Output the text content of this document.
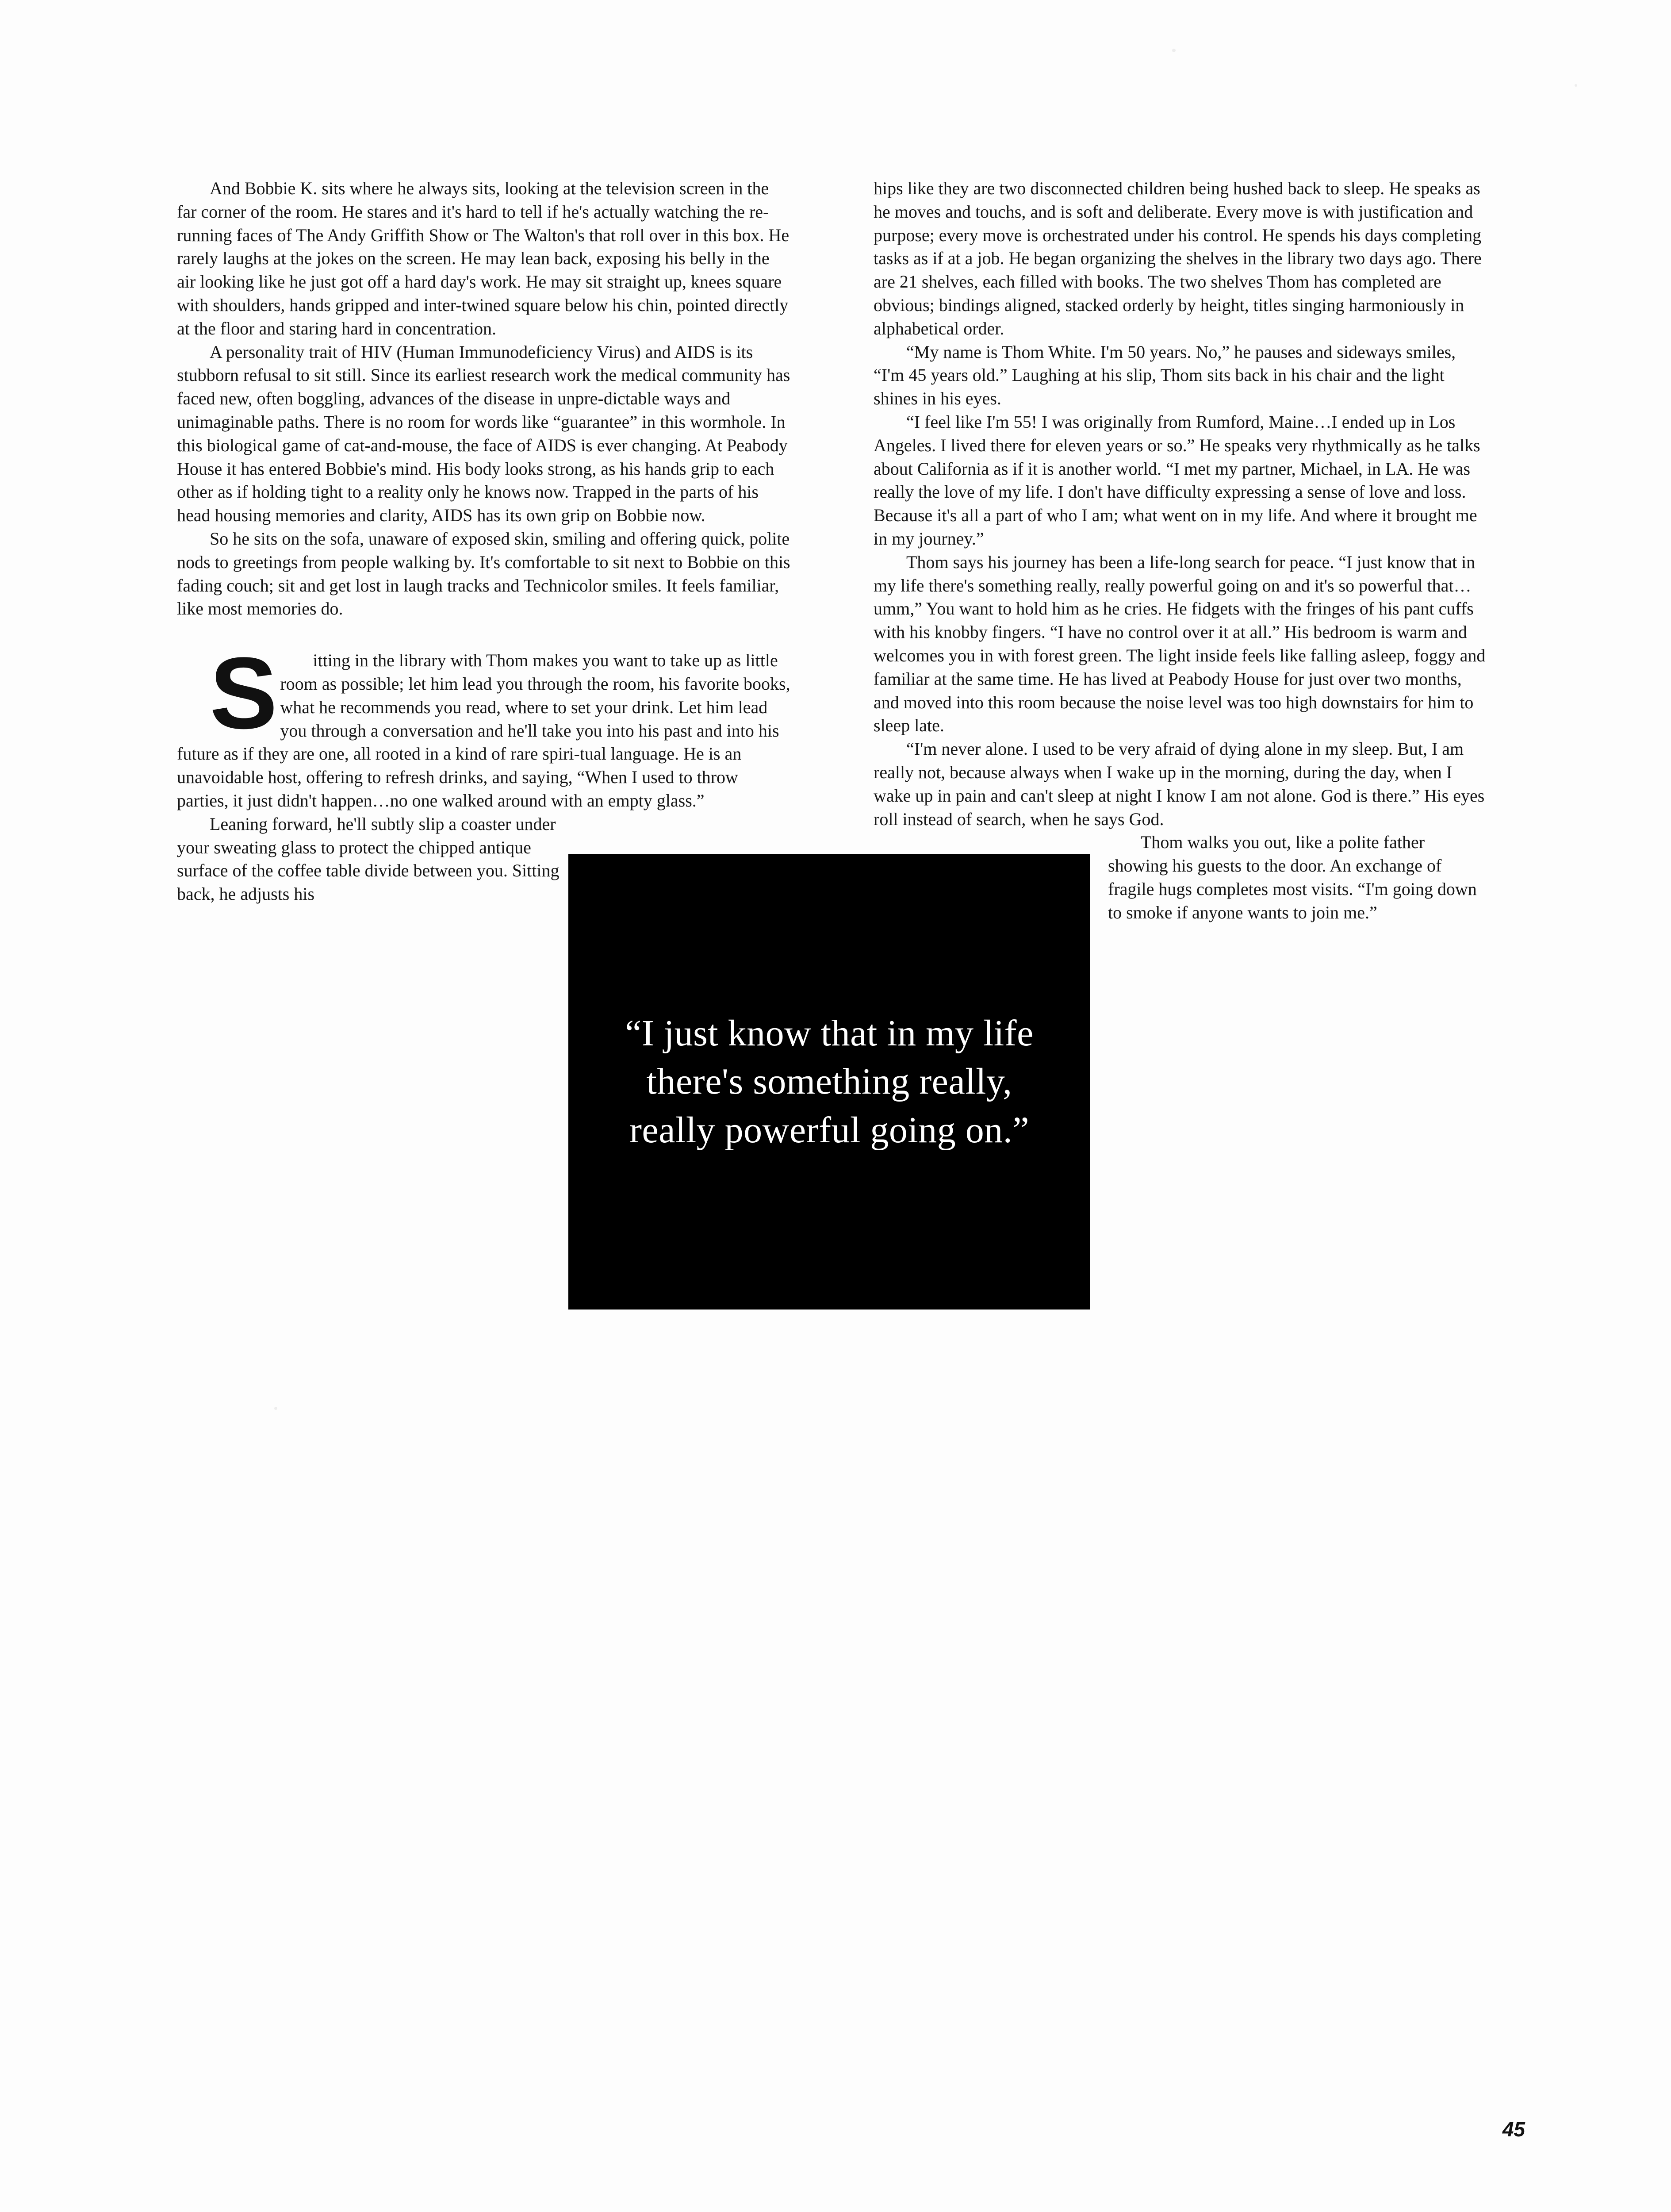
And Bobbie K. sits where he always sits, looking at the television screen in the far corner of the room. He stares and it's hard to tell if he's actually watching the re-running faces of The Andy Griffith Show or The Walton's that roll over in this box. He rarely laughs at the jokes on the screen. He may lean back, exposing his belly in the air looking like he just got off a hard day's work. He may sit straight up, knees square with shoulders, hands gripped and inter-twined square below his chin, pointed directly at the floor and staring hard in concentration.

A personality trait of HIV (Human Immunodeficiency Virus) and AIDS is its stubborn refusal to sit still. Since its earliest research work the medical community has faced new, often boggling, advances of the disease in unpre-dictable ways and unimaginable paths. There is no room for words like “guarantee” in this wormhole. In this biological game of cat-and-mouse, the face of AIDS is ever changing. At Peabody House it has entered Bobbie's mind. His body looks strong, as his hands grip to each other as if holding tight to a reality only he knows now. Trapped in the parts of his head housing memories and clarity, AIDS has its own grip on Bobbie now.

So he sits on the sofa, unaware of exposed skin, smiling and offering quick, polite nods to greetings from people walking by. It's comfortable to sit next to Bobbie on this fading couch; sit and get lost in laugh tracks and Technicolor smiles. It feels familiar, like most memories do.

S itting in the library with Thom makes you want to take up as little room as possible; let him lead you through the room, his favorite books, what he recommends you read, where to set your drink. Let him lead you through a conversation and he'll take you into his past and into his future as if they are one, all rooted in a kind of rare spiri-tual language. He is an unavoidable host, offering to refresh drinks, and saying, “When I used to throw parties, it just didn't happen…no one walked around with an empty glass.”

Leaning forward, he'll subtly slip a coaster under your sweating glass to protect the chipped antique surface of the coffee table divide between you. Sitting back, he adjusts his

hips like they are two disconnected children being hushed back to sleep. He speaks as he moves and touchs, and is soft and deliberate. Every move is with justification and purpose; every move is orchestrated under his control. He spends his days completing tasks as if at a job. He began organizing the shelves in the library two days ago. There are 21 shelves, each filled with books. The two shelves Thom has completed are obvious; bindings aligned, stacked orderly by height, titles singing harmoniously in alphabetical order.

“My name is Thom White. I'm 50 years. No,” he pauses and sideways smiles, “I'm 45 years old.” Laughing at his slip, Thom sits back in his chair and the light shines in his eyes.

“I feel like I'm 55! I was originally from Rumford, Maine…I ended up in Los Angeles. I lived there for eleven years or so.” He speaks very rhythmically as he talks about California as if it is another world. “I met my partner, Michael, in LA. He was really the love of my life. I don't have difficulty expressing a sense of love and loss. Because it's all a part of who I am; what went on in my life. And where it brought me in my journey.”

Thom says his journey has been a life-long search for peace. “I just know that in my life there's something really, really powerful going on and it's so powerful that…umm,” You want to hold him as he cries. He fidgets with the fringes of his pant cuffs with his knobby fingers. “I have no control over it at all.” His bedroom is warm and welcomes you in with forest green. The light inside feels like falling asleep, foggy and familiar at the same time. He has lived at Peabody House for just over two months, and moved into this room because the noise level was too high downstairs for him to sleep late.

“I'm never alone. I used to be very afraid of dying alone in my sleep. But, I am really not, because always when I wake up in the morning, during the day, when I wake up in pain and can't sleep at night I know I am not alone. God is there.” His eyes roll instead of search, when he says God.

Thom walks you out, like a polite father showing his guests to the door. An exchange of fragile hugs completes most visits. “I'm going down to smoke if anyone wants to join me.”

“I just know that in my life there's something really, really powerful going on.”
45
